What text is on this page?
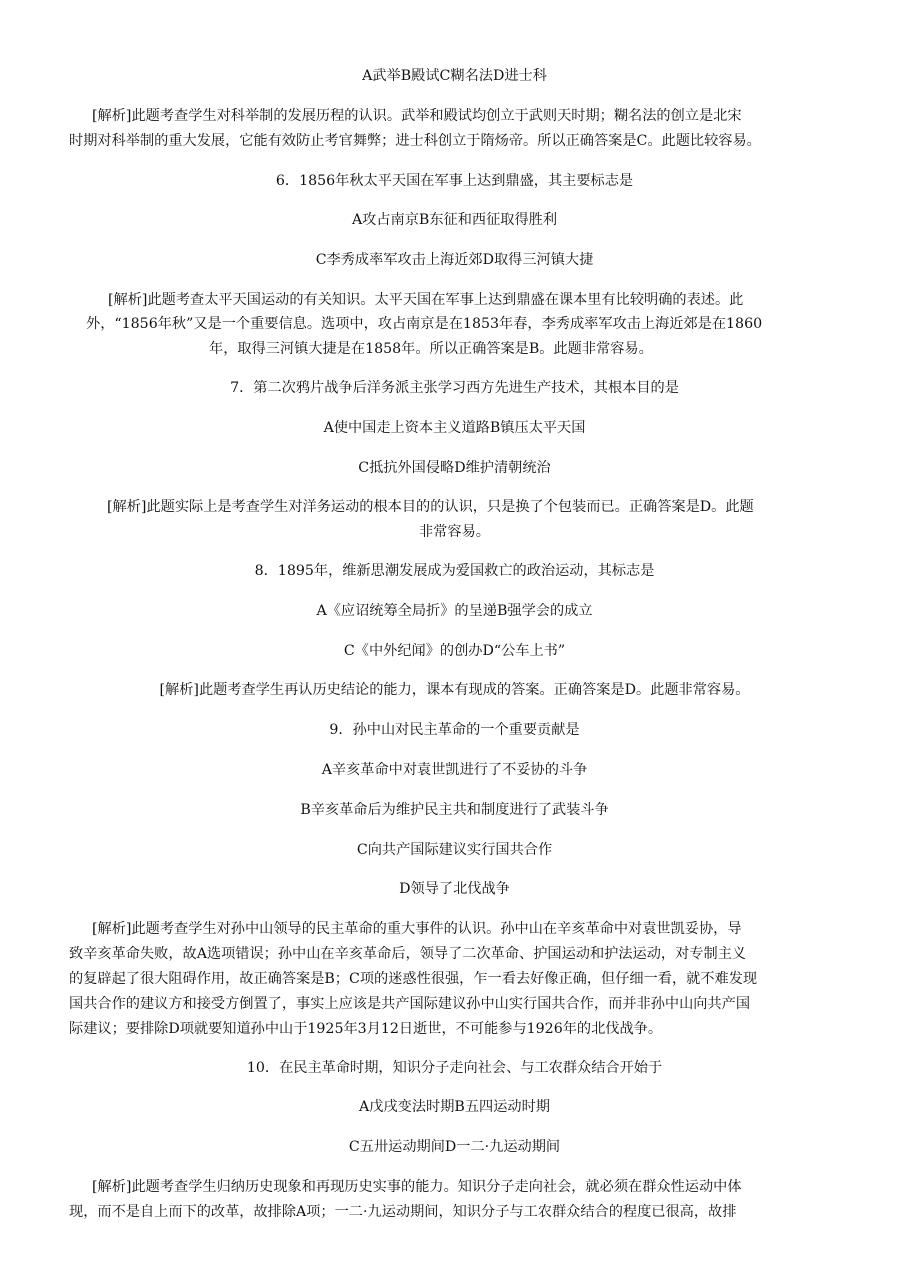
A武举B殿试C糊名法D进士科
[解析]此题考查学生对科举制的发展历程的认识。武举和殿试均创立于武则天时期；糊名法的创立是北宋
时期对科举制的重大发展，它能有效防止考官舞弊；进士科创立于隋炀帝。所以正确答案是C。此题比较容易。
6．1856年秋太平天国在军事上达到鼎盛，其主要标志是
A攻占南京B东征和西征取得胜利
C李秀成率军攻击上海近郊D取得三河镇大捷
[解析]此题考查太平天国运动的有关知识。太平天国在军事上达到鼎盛在课本里有比较明确的表述。此
外，“1856年秋”又是一个重要信息。选项中，攻占南京是在1853年春，李秀成率军攻击上海近郊是在1860
年，取得三河镇大捷是在1858年。所以正确答案是B。此题非常容易。
7．第二次鸦片战争后洋务派主张学习西方先进生产技术，其根本目的是
A使中国走上资本主义道路B镇压太平天国
C抵抗外国侵略D维护清朝统治
[解析]此题实际上是考查学生对洋务运动的根本目的的认识，只是换了个包装而已。正确答案是D。此题
非常容易。
8．1895年，维新思潮发展成为爱国救亡的政治运动，其标志是
A《应诏统筹全局折》的呈递B强学会的成立
C《中外纪闻》的创办D“公车上书”
[解析]此题考查学生再认历史结论的能力，课本有现成的答案。正确答案是D。此题非常容易。
9．孙中山对民主革命的一个重要贡献是
A辛亥革命中对袁世凯进行了不妥协的斗争
B辛亥革命后为维护民主共和制度进行了武装斗争
C向共产国际建议实行国共合作
D领导了北伐战争
[解析]此题考查学生对孙中山领导的民主革命的重大事件的认识。孙中山在辛亥革命中对袁世凯妥协，导
致辛亥革命失败，故A选项错误；孙中山在辛亥革命后，领导了二次革命、护国运动和护法运动，对专制主义
的复辟起了很大阻碍作用，故正确答案是B；C项的迷惑性很强，乍一看去好像正确，但仔细一看，就不难发现
国共合作的建议方和接受方倒置了，事实上应该是共产国际建议孙中山实行国共合作，而并非孙中山向共产国
际建议；要排除D项就要知道孙中山于1925年3月12日逝世，不可能参与1926年的北伐战争。
10．在民主革命时期，知识分子走向社会、与工农群众结合开始于
A戊戌变法时期B五四运动时期
C五卅运动期间D一二·九运动期间
[解析]此题考查学生归纳历史现象和再现历史实事的能力。知识分子走向社会，就必须在群众性运动中体
现，而不是自上而下的改革，故排除A项；一二·九运动期间，知识分子与工农群众结合的程度已很高，故排
